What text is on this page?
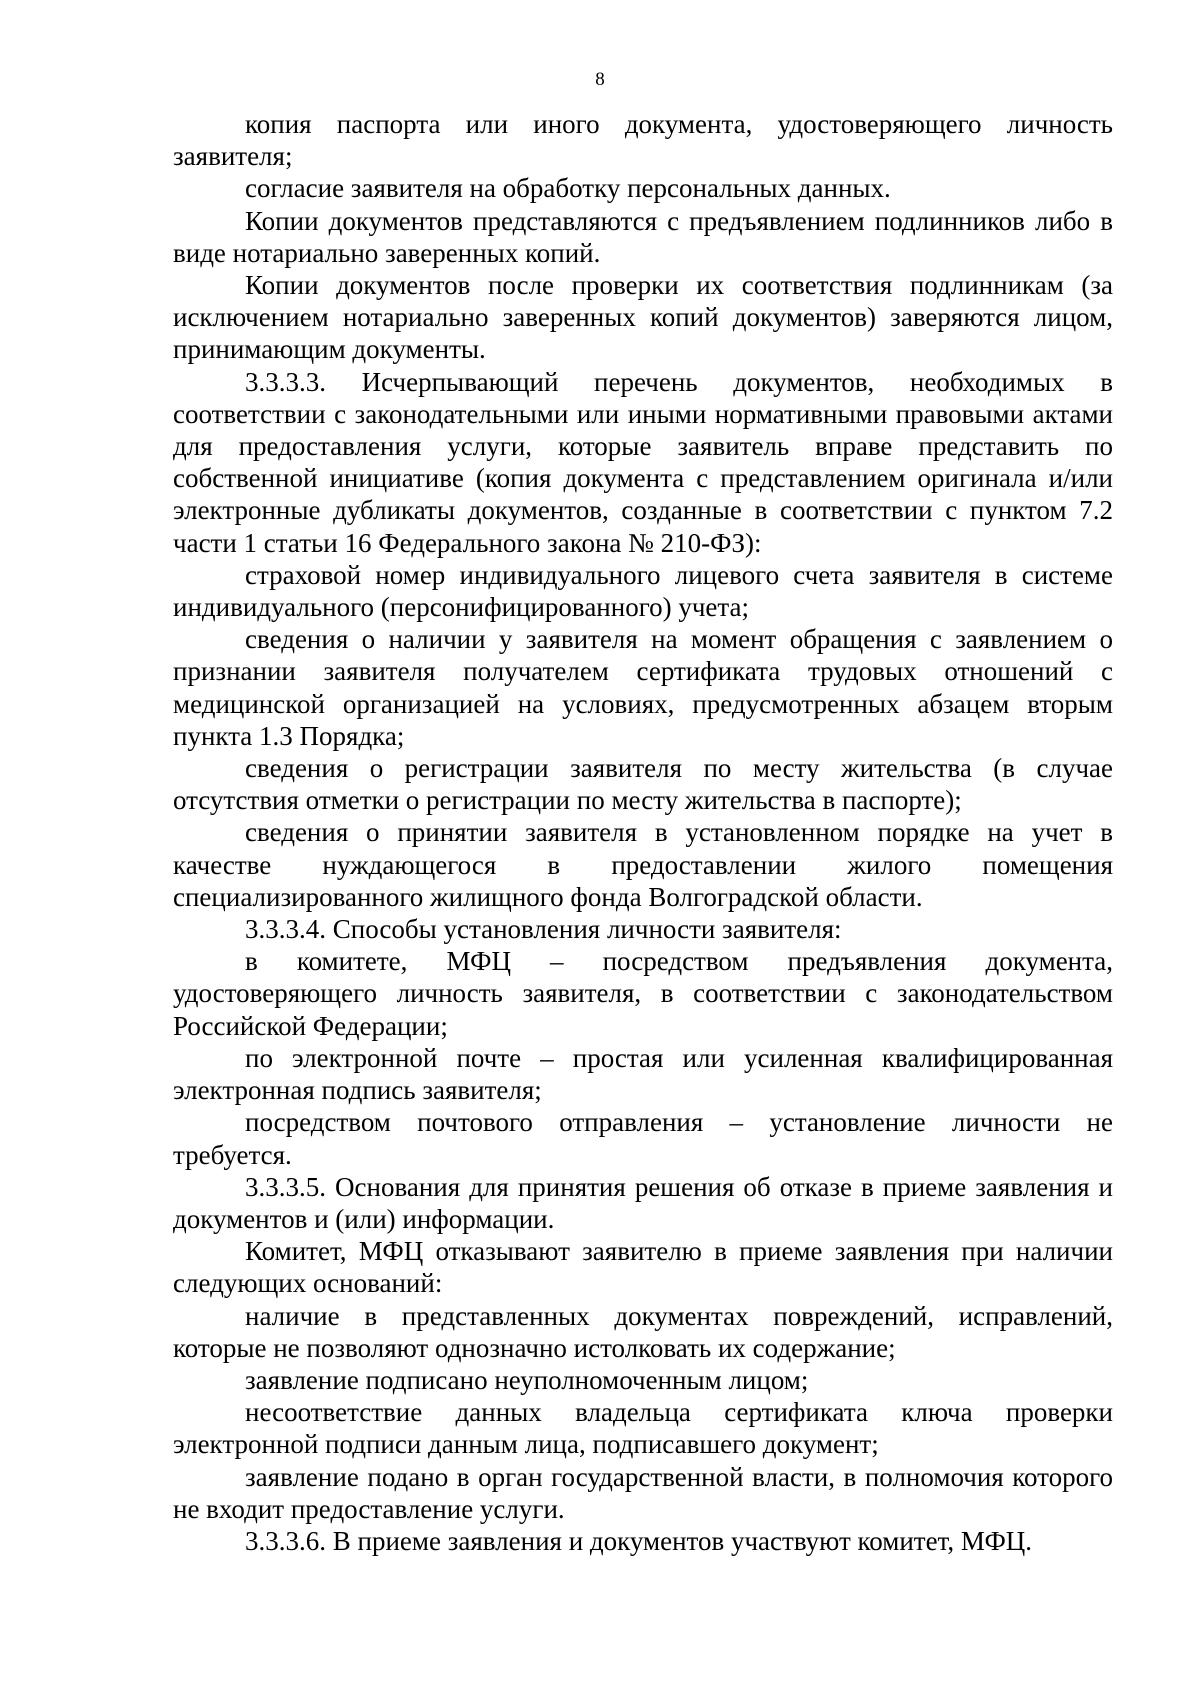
8

копия паспорта или иного документа, удостоверяющего личность заявителя;

согласие заявителя на обработку персональных данных.

Копии документов представляются с предъявлением подлинников либо в виде нотариально заверенных копий.

Копии документов после проверки их соответствия подлинникам (за исключением нотариально заверенных копий документов) заверяются лицом, принимающим документы.

3.3.3.3. Исчерпывающий перечень документов, необходимых в соответствии с законодательными или иными нормативными правовыми актами для предоставления услуги, которые заявитель вправе представить по собственной инициативе (копия документа с представлением оригинала и/или электронные дубликаты документов, созданные в соответствии с пунктом 7.2 части 1 статьи 16 Федерального закона № 210-ФЗ):

страховой номер индивидуального лицевого счета заявителя в системе индивидуального (персонифицированного) учета;

сведения о наличии у заявителя на момент обращения с заявлением о признании заявителя получателем сертификата трудовых отношений с медицинской организацией на условиях, предусмотренных абзацем вторым пункта 1.3 Порядка;

сведения о регистрации заявителя по месту жительства (в случае отсутствия отметки о регистрации по месту жительства в паспорте);

сведения о принятии заявителя в установленном порядке на учет в качестве нуждающегося в предоставлении жилого помещения специализированного жилищного фонда Волгоградской области.

3.3.3.4. Способы установления личности заявителя:

в комитете, МФЦ – посредством предъявления документа, удостоверяющего личность заявителя, в соответствии с законодательством Российской Федерации;

по электронной почте – простая или усиленная квалифицированная электронная подпись заявителя;

посредством почтового отправления – установление личности не требуется.

3.3.3.5. Основания для принятия решения об отказе в приеме заявления и документов и (или) информации.

Комитет, МФЦ отказывают заявителю в приеме заявления при наличии следующих оснований:

наличие в представленных документах повреждений, исправлений, которые не позволяют однозначно истолковать их содержание;

заявление подписано неуполномоченным лицом;

несоответствие данных владельца сертификата ключа проверки электронной подписи данным лица, подписавшего документ;

заявление подано в орган государственной власти, в полномочия которого не входит предоставление услуги.

3.3.3.6. В приеме заявления и документов участвуют комитет, МФЦ.
